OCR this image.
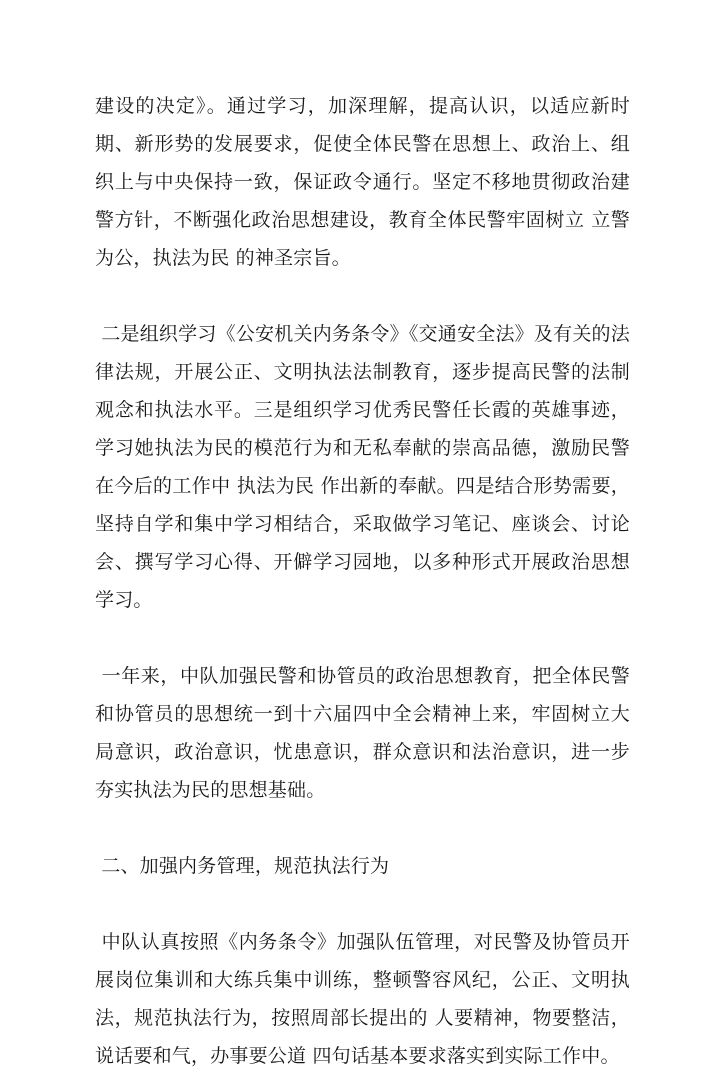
建设的决定》。通过学习，加深理解，提高认识，以适应新时期、新形势的发展要求，促使全体民警在思想上、政治上、组织上与中央保持一致，保证政令通行。坚定不移地贯彻政治建警方针，不断强化政治思想建设，教育全体民警牢固树立 立警为公，执法为民 的神圣宗旨。

二是组织学习《公安机关内务条令》《交通安全法》及有关的法律法规，开展公正、文明执法法制教育，逐步提高民警的法制观念和执法水平。三是组织学习优秀民警任长霞的英雄事迹，学习她执法为民的模范行为和无私奉献的崇高品德，激励民警在今后的工作中 执法为民 作出新的奉献。四是结合形势需要，坚持自学和集中学习相结合，采取做学习笔记、座谈会、讨论会、撰写学习心得、开僻学习园地，以多种形式开展政治思想学习。

一年来，中队加强民警和协管员的政治思想教育，把全体民警和协管员的思想统一到十六届四中全会精神上来，牢固树立大局意识，政治意识，忧患意识，群众意识和法治意识，进一步夯实执法为民的思想基础。

二、加强内务管理，规范执法行为

中队认真按照《内务条令》加强队伍管理，对民警及协管员开展岗位集训和大练兵集中训练，整顿警容风纪，公正、文明执法，规范执法行为，按照周部长提出的 人要精神，物要整洁，说话要和气，办事要公道 四句话基本要求落实到实际工作中。
